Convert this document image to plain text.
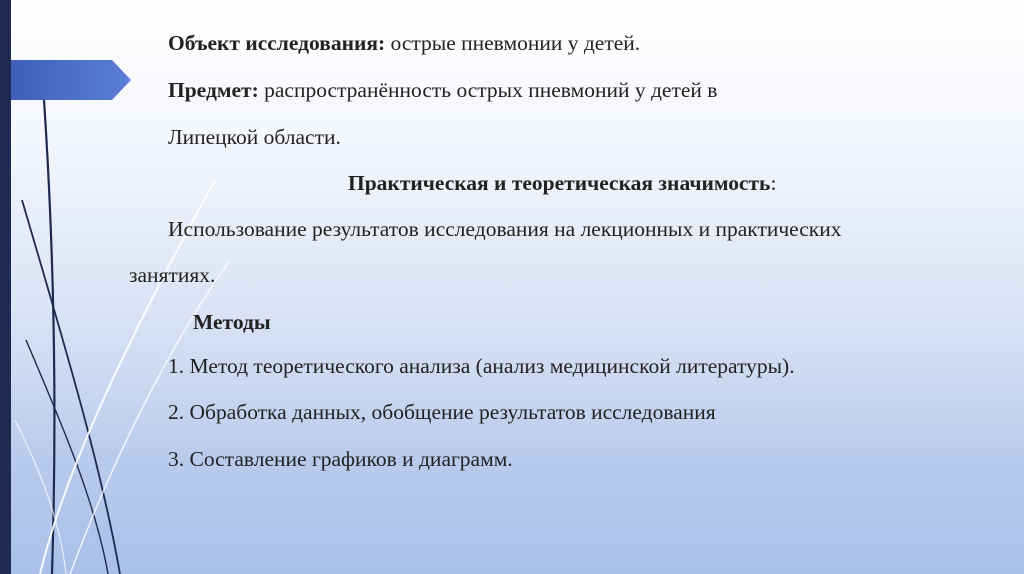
Объект исследования: острые пневмонии у детей.
Предмет: распространённость острых пневмоний у детей в
Липецкой области.
Практическая и теоретическая значимость:
Использование результатов исследования на лекционных и практических
занятиях.
Методы
1. Метод теоретического анализа (анализ медицинской литературы).
2. Обработка данных, обобщение результатов исследования
3. Составление графиков и диаграмм.
